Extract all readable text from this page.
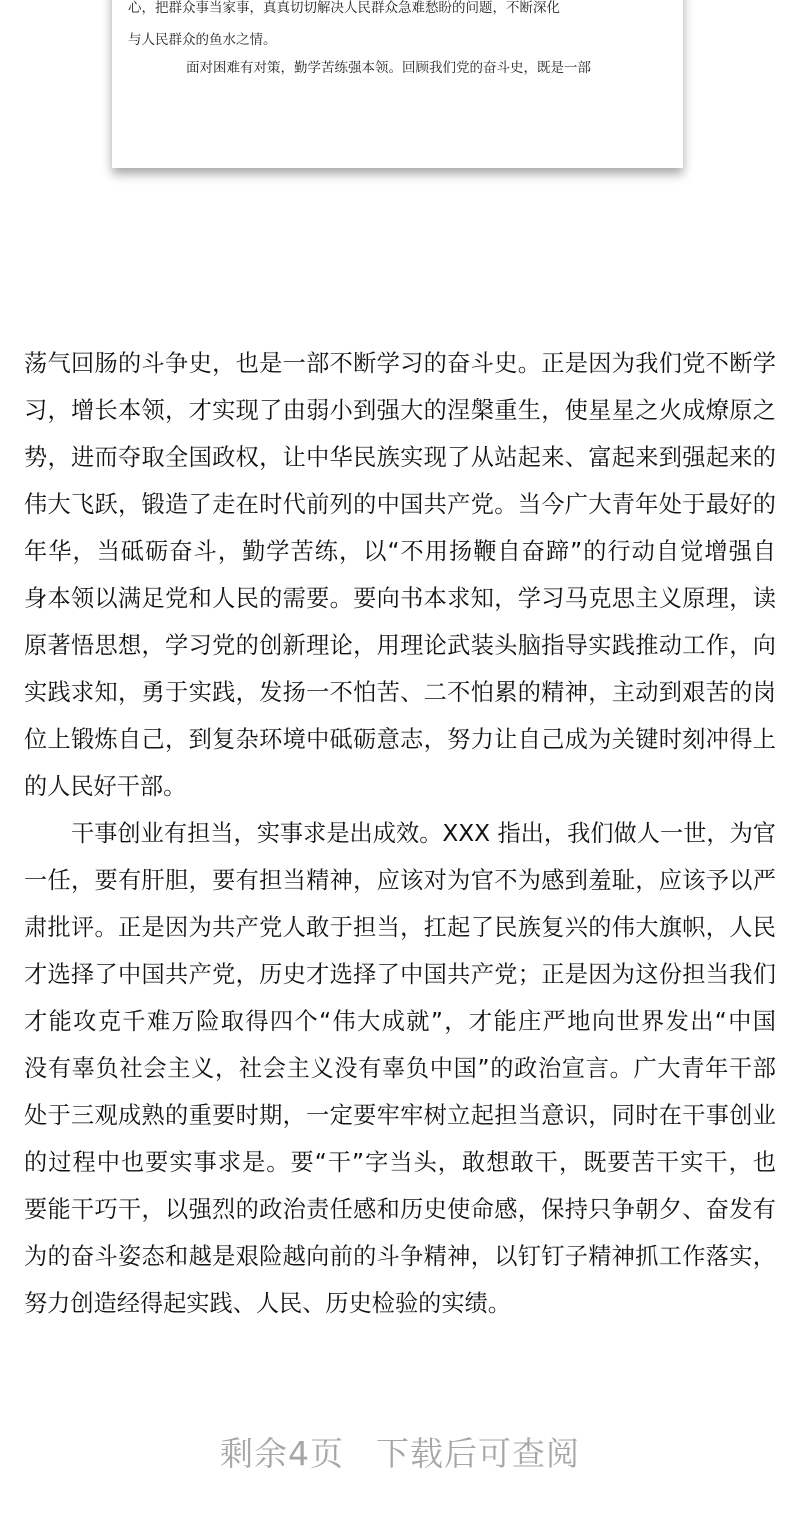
心，把群众事当家事，真真切切解决人民群众急难愁盼的问题，不断深化
与人民群众的鱼水之情。
面对困难有对策，勤学苦练强本领。回顾我们党的奋斗史，既是一部
荡气回肠的斗争史，也是一部不断学习的奋斗史。正是因为我们党不断学
习，增长本领，才实现了由弱小到强大的涅槃重生，使星星之火成燎原之
势，进而夺取全国政权，让中华民族实现了从站起来、富起来到强起来的
伟大飞跃，锻造了走在时代前列的中国共产党。当今广大青年处于最好的
年华，当砥砺奋斗，勤学苦练，以“不用扬鞭自奋蹄”的行动自觉增强自
身本领以满足党和人民的需要。要向书本求知，学习马克思主义原理，读
原著悟思想，学习党的创新理论，用理论武装头脑指导实践推动工作，向
实践求知，勇于实践，发扬一不怕苦、二不怕累的精神，主动到艰苦的岗
位上锻炼自己，到复杂环境中砥砺意志，努力让自己成为关键时刻冲得上
的人民好干部。
干事创业有担当，实事求是出成效。XXX 指出，我们做人一世，为官
一任，要有肝胆，要有担当精神，应该对为官不为感到羞耻，应该予以严
肃批评。正是因为共产党人敢于担当，扛起了民族复兴的伟大旗帜，人民
才选择了中国共产党，历史才选择了中国共产党；正是因为这份担当我们
才能攻克千难万险取得四个“伟大成就”，才能庄严地向世界发出“中国
没有辜负社会主义，社会主义没有辜负中国”的政治宣言。广大青年干部
处于三观成熟的重要时期，一定要牢牢树立起担当意识，同时在干事创业
的过程中也要实事求是。要“干”字当头，敢想敢干，既要苦干实干，也
要能干巧干，以强烈的政治责任感和历史使命感，保持只争朝夕、奋发有
为的奋斗姿态和越是艰险越向前的斗争精神，以钉钉子精神抓工作落实，
努力创造经得起实践、人民、历史检验的实绩。
剩余4页 下载后可查阅
